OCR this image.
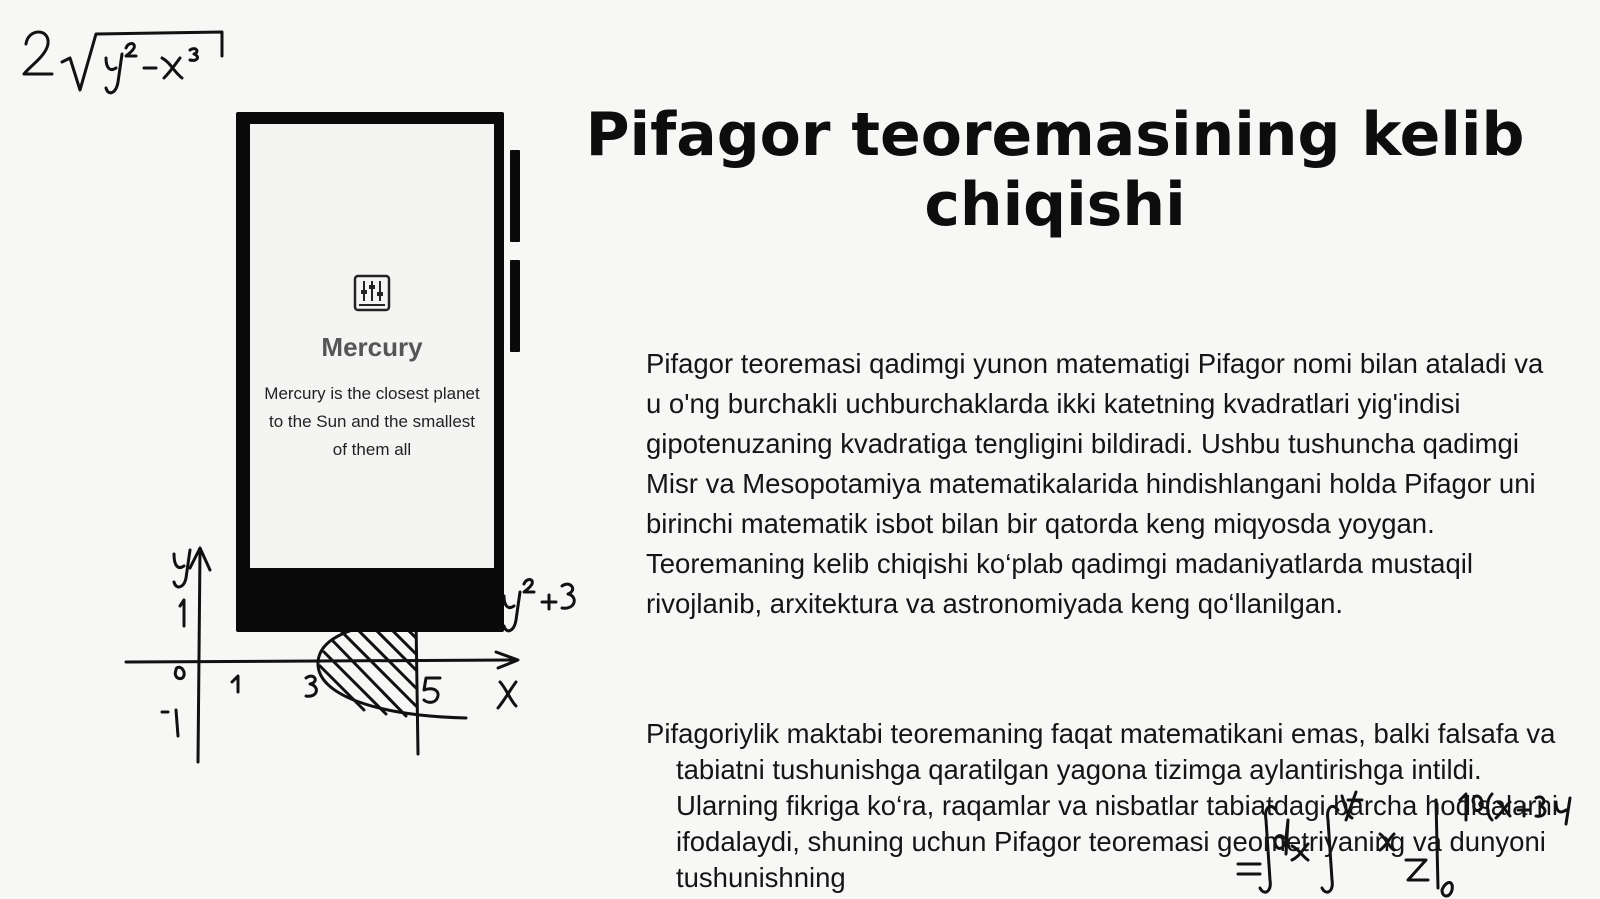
Mercury
Mercury is the closest planet to the Sun and the smallest of them all
Pifagor teoremasining kelib chiqishi

Pifagor teoremasi qadimgi yunon matematigi Pifagor nomi bilan ataladi va u o'ng burchakli uchburchaklarda ikki katetning kvadratlari yig'indisi gipotenuzaning kvadratiga tengligini bildiradi. Ushbu tushuncha qadimgi Misr va Mesopotamiya matematikalarida hindishlangani holda Pifagor uni birinchi matematik isbot bilan bir qatorda keng miqyosda yoygan. Teoremaning kelib chiqishi ko‘plab qadimgi madaniyatlarda mustaqil rivojlanib, arxitektura va astronomiyada keng qo‘llanilgan.

Pifagoriylik maktabi teoremaning faqat matematikani emas, balki falsafa va tabiatni tushunishga qaratilgan yagona tizimga aylantirishga intildi. Ularning fikriga ko‘ra, raqamlar va nisbatlar tabiatdagi barcha hodisalarni ifodalaydi, shuning uchun Pifagor teoremasi geometriyaning va dunyoni tushunishning
